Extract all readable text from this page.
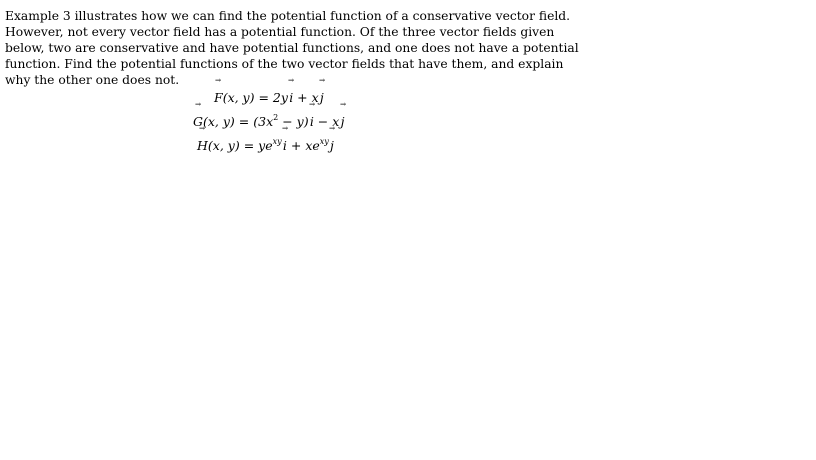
Example 3 illustrates how we can find the potential function of a conservative vector field.
However, not every vector field has a potential function. Of the three vector fields given
below, two are conservative and have potential functions, and one does not have a potential
function. Find the potential functions of the two vector fields that have them, and explain
why the other one does not.

→ F(x, y) = 2y → i + x → j
→ G(x, $y) = (3x^2 - y)$ → i − x → j
→ H(x, $y) = ye^{xy}$ → $i + xe^{xy}$ → j
